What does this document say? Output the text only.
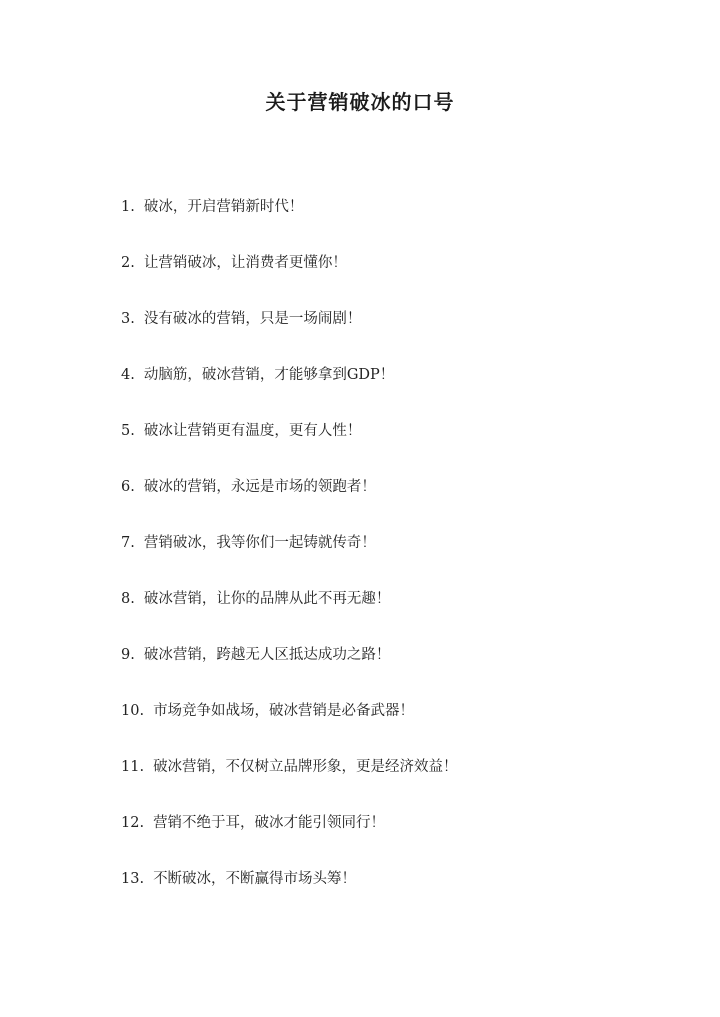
关于营销破冰的口号
1. 破冰，开启营销新时代！
2. 让营销破冰，让消费者更懂你！
3. 没有破冰的营销，只是一场闹剧！
4. 动脑筋，破冰营销，才能够拿到GDP！
5. 破冰让营销更有温度，更有人性！
6. 破冰的营销，永远是市场的领跑者！
7. 营销破冰，我等你们一起铸就传奇！
8. 破冰营销，让你的品牌从此不再无趣！
9. 破冰营销，跨越无人区抵达成功之路！
10. 市场竞争如战场，破冰营销是必备武器！
11. 破冰营销，不仅树立品牌形象，更是经济效益！
12. 营销不绝于耳，破冰才能引领同行！
13. 不断破冰，不断赢得市场头筹！
